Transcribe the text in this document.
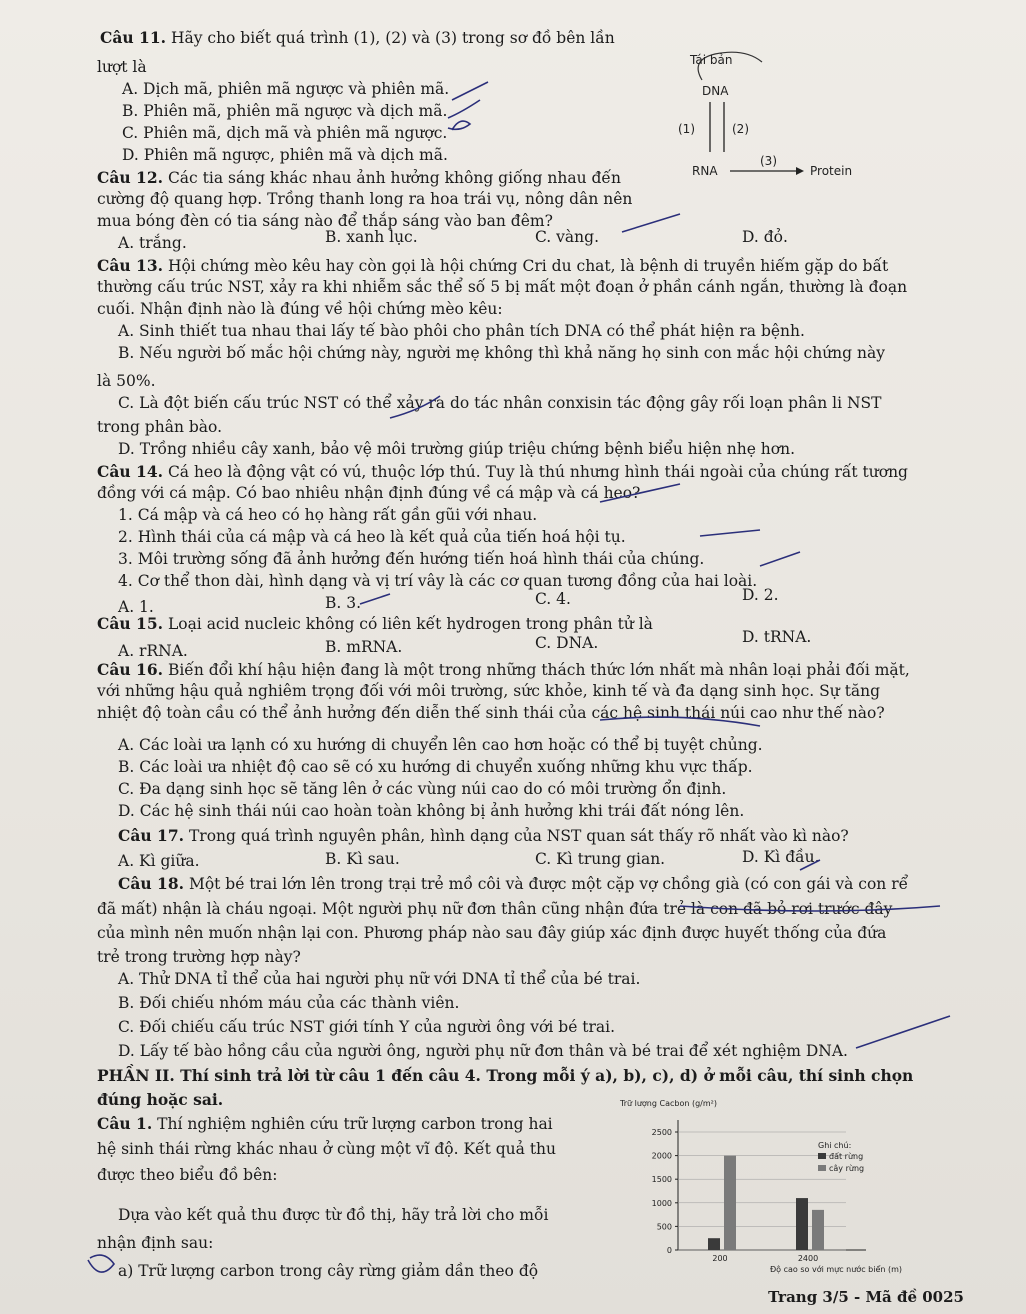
Câu 11. Hãy cho biết quá trình (1), (2) và (3) trong sơ đồ bên lần
lượt là
A. Dịch mã, phiên mã ngược và phiên mã.
B. Phiên mã, phiên mã ngược và dịch mã.
C. Phiên mã, dịch mã và phiên mã ngược.
D. Phiên mã ngược, phiên mã và dịch mã.
Câu 12. Các tia sáng khác nhau ảnh hưởng không giống nhau đến
cường độ quang hợp. Trồng thanh long ra hoa trái vụ, nông dân nên
mua bóng đèn có tia sáng nào để thắp sáng vào ban đêm?
A. trắng.	B. xanh lục.	C. vàng.	D. đỏ.
Câu 13. Hội chứng mèo kêu hay còn gọi là hội chứng Cri du chat, là bệnh di truyền hiếm gặp do bất
thường cấu trúc NST, xảy ra khi nhiễm sắc thể số 5 bị mất một đoạn ở phần cánh ngắn, thường là đoạn
cuối. Nhận định nào là đúng về hội chứng mèo kêu:
A. Sinh thiết tua nhau thai lấy tế bào phôi cho phân tích DNA có thể phát hiện ra bệnh.
B. Nếu người bố mắc hội chứng này, người mẹ không thì khả năng họ sinh con mắc hội chứng này
là 50%.
C. Là đột biến cấu trúc NST có thể xảy ra do tác nhân conxisin tác động gây rối loạn phân li NST
trong phân bào.
D. Trồng nhiều cây xanh, bảo vệ môi trường giúp triệu chứng bệnh biểu hiện nhẹ hơn.
Câu 14. Cá heo là động vật có vú, thuộc lớp thú. Tuy là thú nhưng hình thái ngoài của chúng rất tương
đồng với cá mập. Có bao nhiêu nhận định đúng về cá mập và cá heo?
1. Cá mập và cá heo có họ hàng rất gần gũi với nhau.
2. Hình thái của cá mập và cá heo là kết quả của tiến hoá hội tụ.
3. Môi trường sống đã ảnh hưởng đến hướng tiến hoá hình thái của chúng.
4. Cơ thể thon dài, hình dạng và vị trí vây là các cơ quan tương đồng của hai loài.
A. 1.	B. 3.	C. 4.	D. 2.
Câu 15. Loại acid nucleic không có liên kết hydrogen trong phân tử là
A. rRNA.	B. mRNA.	C. DNA.	D. tRNA.
Câu 16. Biến đổi khí hậu hiện đang là một trong những thách thức lớn nhất mà nhân loại phải đối mặt,
với những hậu quả nghiêm trọng đối với môi trường, sức khỏe, kinh tế và đa dạng sinh học. Sự tăng
nhiệt độ toàn cầu có thể ảnh hưởng đến diễn thế sinh thái của các hệ sinh thái núi cao như thế nào?
A. Các loài ưa lạnh có xu hướng di chuyển lên cao hơn hoặc có thể bị tuyệt chủng.
B. Các loài ưa nhiệt độ cao sẽ có xu hướng di chuyển xuống những khu vực thấp.
C. Đa dạng sinh học sẽ tăng lên ở các vùng núi cao do có môi trường ổn định.
D. Các hệ sinh thái núi cao hoàn toàn không bị ảnh hưởng khi trái đất nóng lên.
Câu 17. Trong quá trình nguyên phân, hình dạng của NST quan sát thấy rõ nhất vào kì nào?
A. Kì giữa.	B. Kì sau.	C. Kì trung gian.	D. Kì đầu.
Câu 18. Một bé trai lớn lên trong trại trẻ mồ côi và được một cặp vợ chồng già (có con gái và con rể
đã mất) nhận là cháu ngoại. Một người phụ nữ đơn thân cũng nhận đứa trẻ là con đã bỏ rơi trước đây
của mình nên muốn nhận lại con. Phương pháp nào sau đây giúp xác định được huyết thống của đứa
trẻ trong trường hợp này?
A. Thử DNA tỉ thể của hai người phụ nữ với DNA tỉ thể của bé trai.
B. Đối chiếu nhóm máu của các thành viên.
C. Đối chiếu cấu trúc NST giới tính Y của người ông với bé trai.
D. Lấy tế bào hồng cầu của người ông, người phụ nữ đơn thân và bé trai để xét nghiệm DNA.
PHẦN II. Thí sinh trả lời từ câu 1 đến câu 4. Trong mỗi ý a), b), c), d) ở mỗi câu, thí sinh chọn
đúng hoặc sai.
Câu 1. Thí nghiệm nghiên cứu trữ lượng carbon trong hai
hệ sinh thái rừng khác nhau ở cùng một vĩ độ. Kết quả thu
được theo biểu đồ bên:
Dựa vào kết quả thu được từ đồ thị, hãy trả lời cho mỗi
nhận định sau:
a) Trữ lượng carbon trong cây rừng giảm dần theo độ
Tái bản
DNA
(1)	(2)
RNA
(3)
Protein
Trữ lượng Cacbon (g/m²)
0
500
1000
1500
2000
2500
200	2400
Độ cao so với mực nước biển (m)
Ghi chú:
đất rừng
cây rừng
Trang 3/5 - Mã đề 0025
